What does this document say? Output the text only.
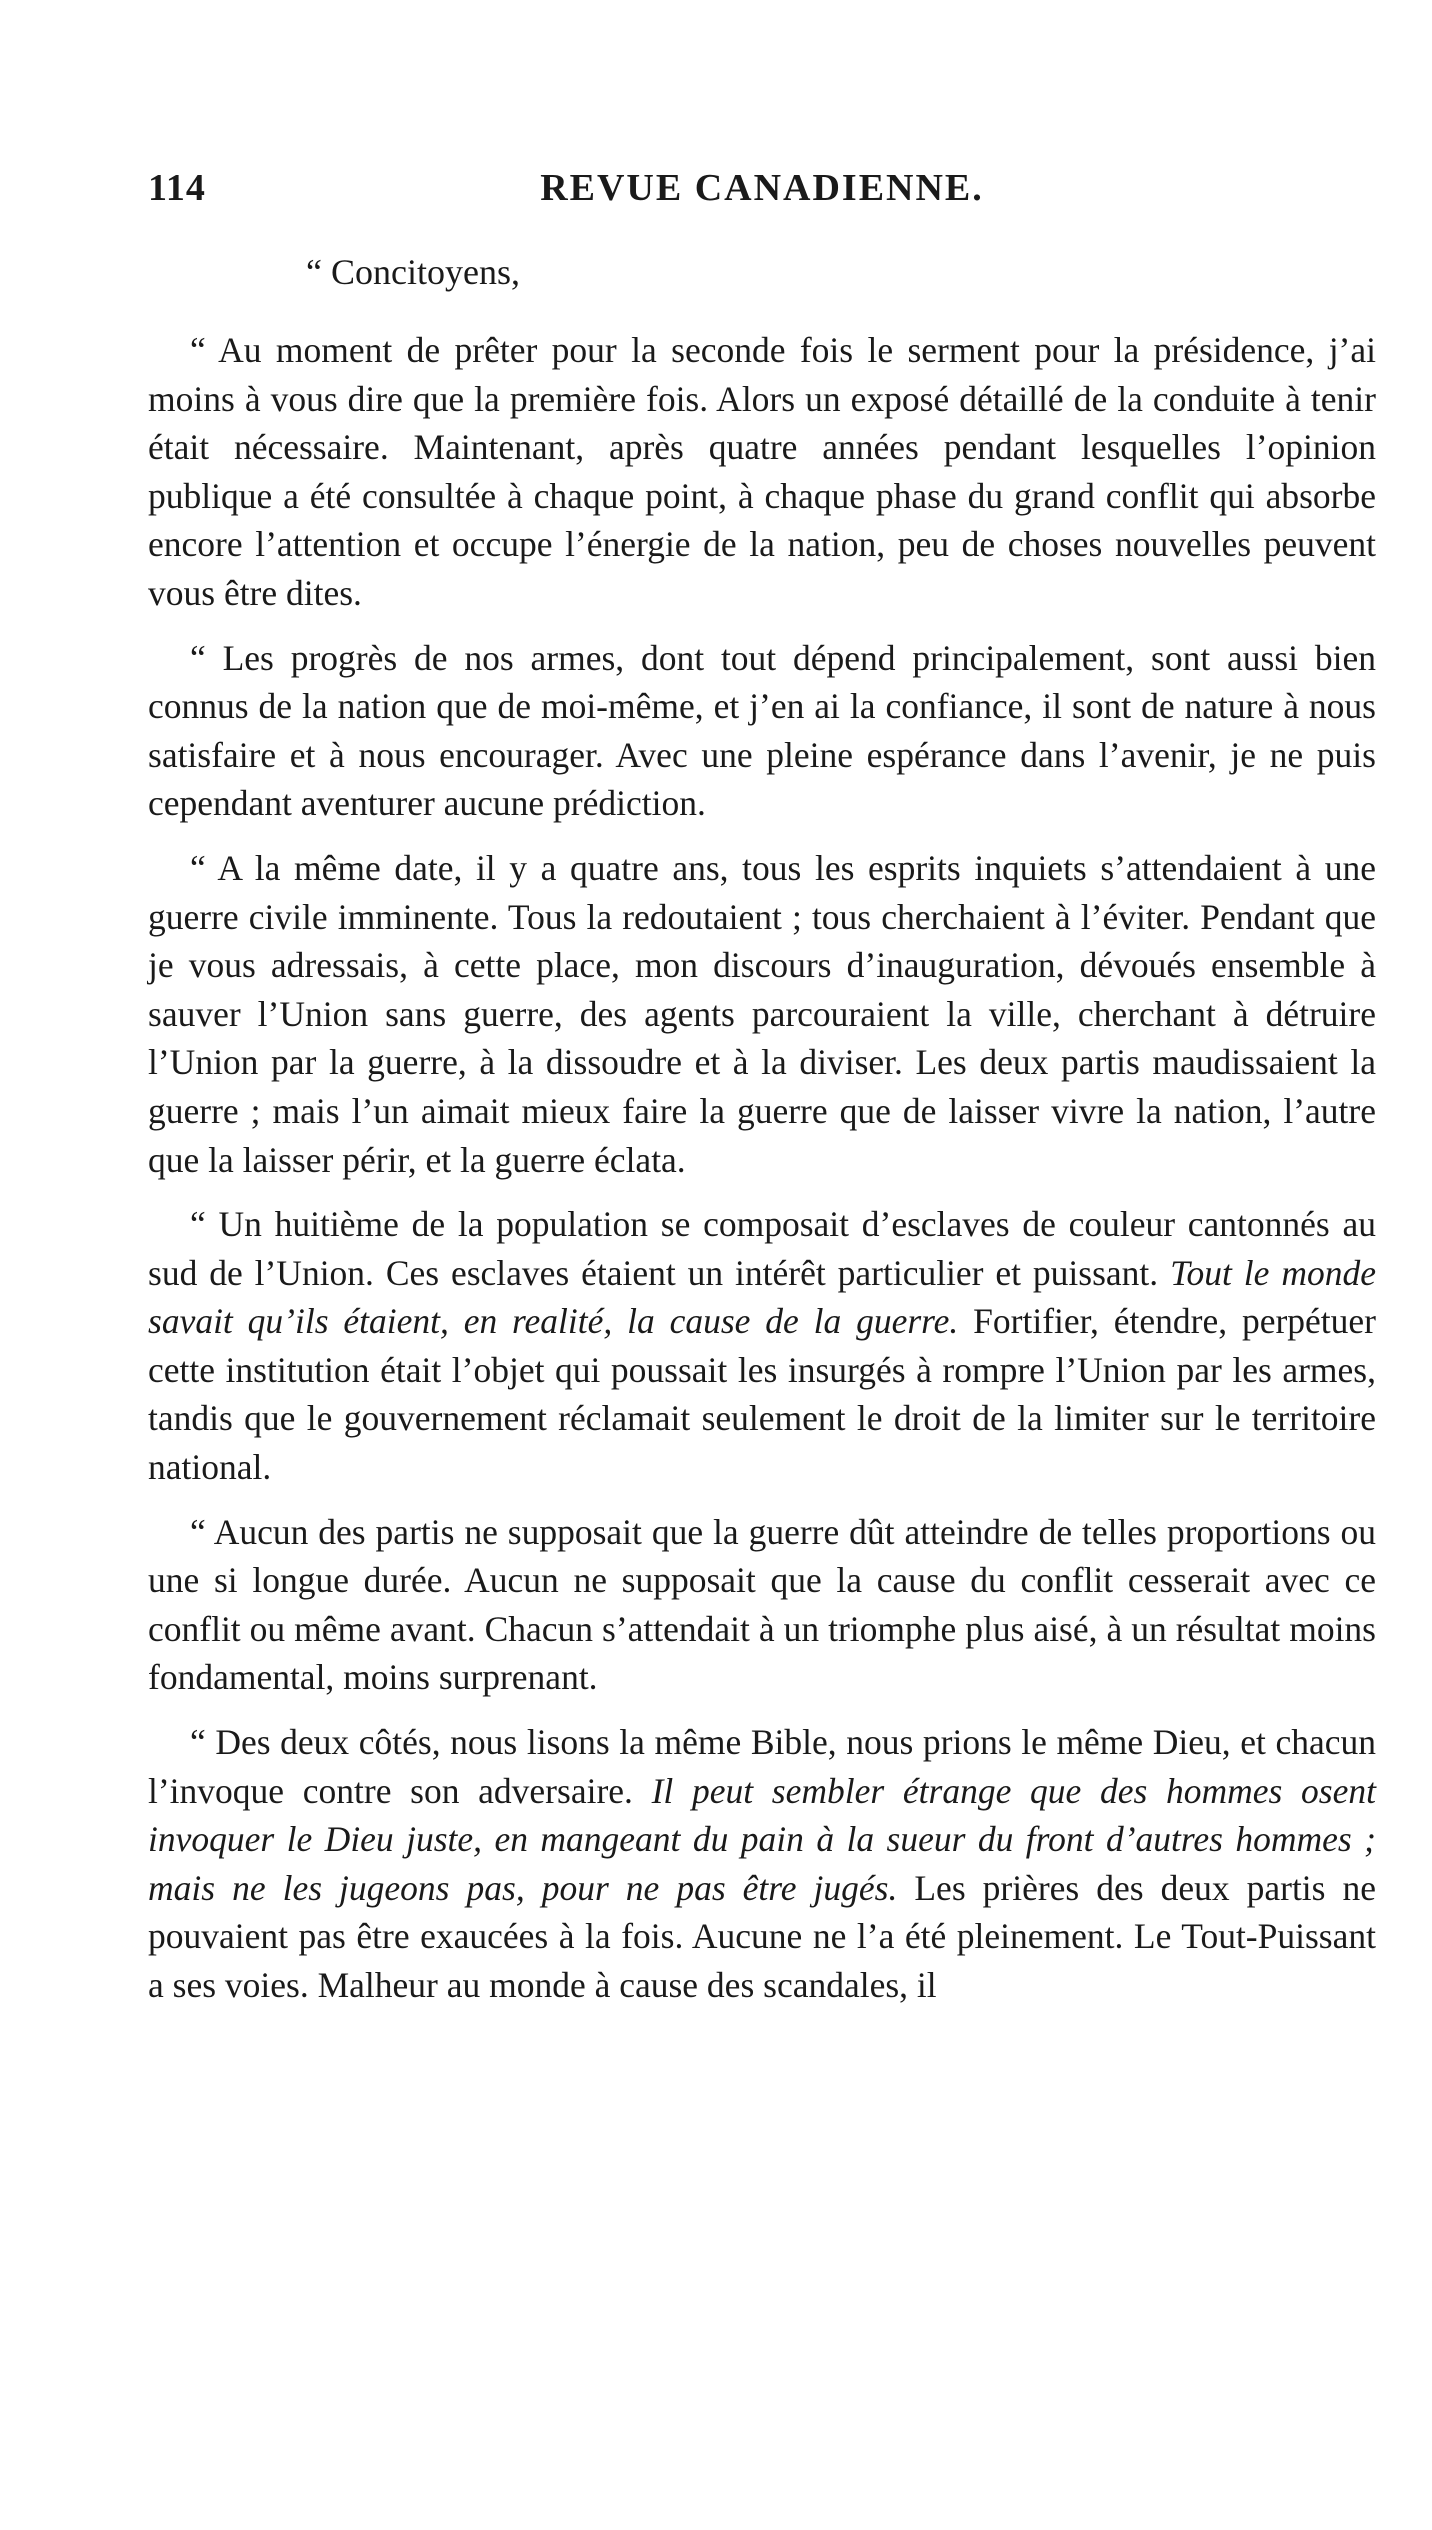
114	REVUE CANADIENNE.
“ Concitoyens,

“ Au moment de prêter pour la seconde fois le serment pour la présidence, j’ai moins à vous dire que la première fois. Alors un exposé détaillé de la conduite à tenir était nécessaire. Maintenant, après quatre années pendant lesquelles l’opinion publique a été consultée à chaque point, à chaque phase du grand conflit qui absorbe encore l’attention et occupe l’énergie de la nation, peu de choses nouvelles peuvent vous être dites.

“ Les progrès de nos armes, dont tout dépend principalement, sont aussi bien connus de la nation que de moi-même, et j’en ai la confiance, il sont de nature à nous satisfaire et à nous encourager. Avec une pleine espérance dans l’avenir, je ne puis cependant aventurer aucune prédiction.

“ A la même date, il y a quatre ans, tous les esprits inquiets s’attendaient à une guerre civile imminente. Tous la redoutaient ; tous cherchaient à l’éviter. Pendant que je vous adressais, à cette place, mon discours d’inauguration, dévoués ensemble à sauver l’Union sans guerre, des agents parcouraient la ville, cherchant à détruire l’Union par la guerre, à la dissoudre et à la diviser. Les deux partis maudissaient la guerre ; mais l’un aimait mieux faire la guerre que de laisser vivre la nation, l’autre que la laisser périr, et la guerre éclata.

“ Un huitième de la population se composait d’esclaves de couleur cantonnés au sud de l’Union. Ces esclaves étaient un intérêt particulier et puissant. Tout le monde savait qu’ils étaient, en realité, la cause de la guerre. Fortifier, étendre, perpétuer cette institution était l’objet qui poussait les insurgés à rompre l’Union par les armes, tandis que le gouvernement réclamait seulement le droit de la limiter sur le territoire national.

“ Aucun des partis ne supposait que la guerre dût atteindre de telles proportions ou une si longue durée. Aucun ne supposait que la cause du conflit cesserait avec ce conflit ou même avant. Chacun s’attendait à un triomphe plus aisé, à un résultat moins fondamental, moins surprenant.

“ Des deux côtés, nous lisons la même Bible, nous prions le même Dieu, et chacun l’invoque contre son adversaire. Il peut sembler étrange que des hommes osent invoquer le Dieu juste, en mangeant du pain à la sueur du front d’autres hommes ; mais ne les jugeons pas, pour ne pas être jugés. Les prières des deux partis ne pouvaient pas être exaucées à la fois. Aucune ne l’a été pleinement. Le Tout-Puissant a ses voies. Malheur au monde à cause des scandales, il
